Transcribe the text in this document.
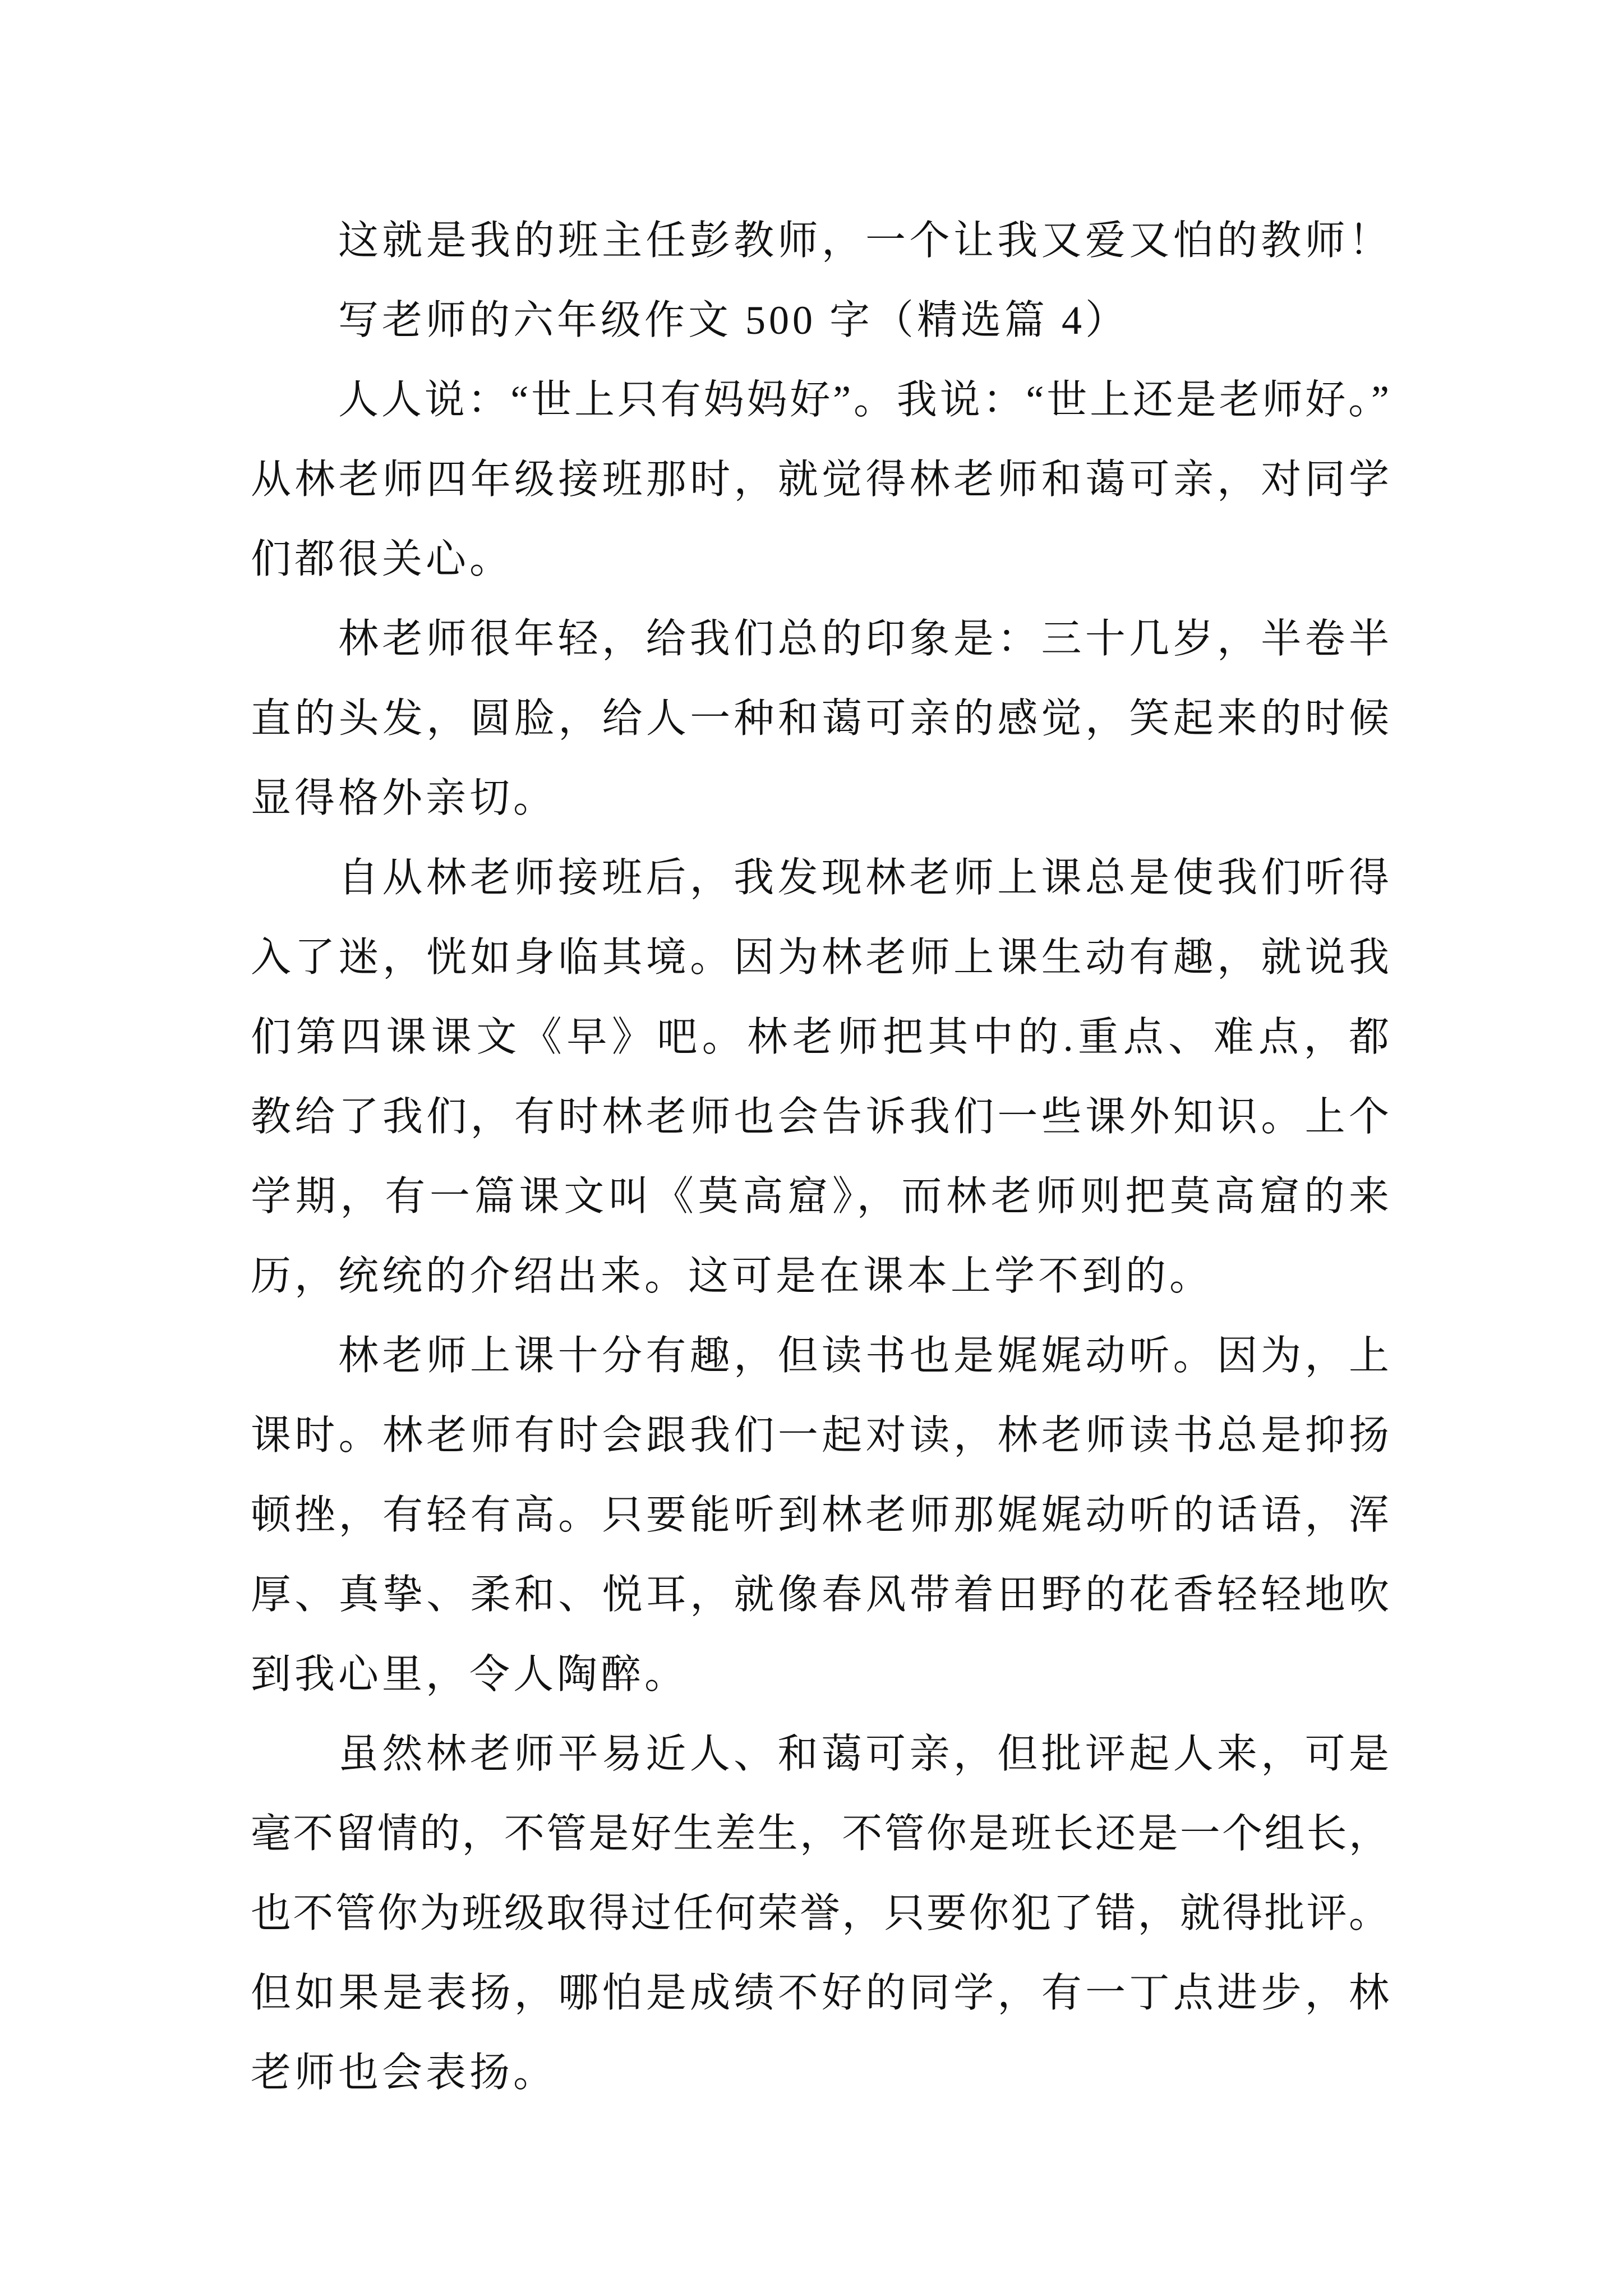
这就是我的班主任彭教师，一个让我又爱又怕的教师！
写老师的六年级作文 500 字（精选篇 4）
人人说：“世上只有妈妈好”。我说：“世上还是老师好。”
从林老师四年级接班那时，就觉得林老师和蔼可亲，对同学
们都很关心。
林老师很年轻，给我们总的印象是：三十几岁，半卷半
直的头发，圆脸，给人一种和蔼可亲的感觉，笑起来的时候
显得格外亲切。
自从林老师接班后，我发现林老师上课总是使我们听得
入了迷，恍如身临其境。因为林老师上课生动有趣，就说我
们第四课课文《早》吧。林老师把其中的.重点、难点，都
教给了我们，有时林老师也会告诉我们一些课外知识。上个
学期，有一篇课文叫《莫高窟》，而林老师则把莫高窟的来
历，统统的介绍出来。这可是在课本上学不到的。
林老师上课十分有趣，但读书也是娓娓动听。因为，上
课时。林老师有时会跟我们一起对读，林老师读书总是抑扬
顿挫，有轻有高。只要能听到林老师那娓娓动听的话语，浑
厚、真挚、柔和、悦耳，就像春风带着田野的花香轻轻地吹
到我心里，令人陶醉。
虽然林老师平易近人、和蔼可亲，但批评起人来，可是
毫不留情的，不管是好生差生，不管你是班长还是一个组长，
也不管你为班级取得过任何荣誉，只要你犯了错，就得批评。
但如果是表扬，哪怕是成绩不好的同学，有一丁点进步，林
老师也会表扬。
